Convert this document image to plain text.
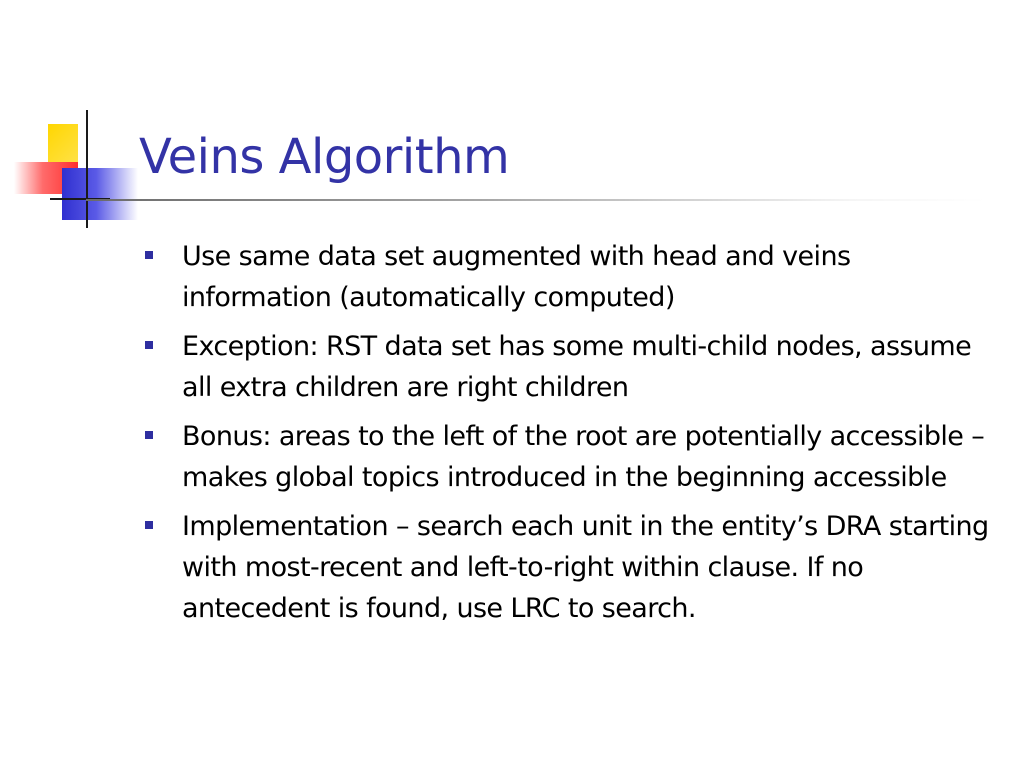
Veins Algorithm
Use same data set augmented with head and veins information (automatically computed)
Exception: RST data set has some multi-child nodes, assume all extra children are right children
Bonus: areas to the left of the root are potentially accessible – makes global topics introduced in the beginning accessible
Implementation – search each unit in the entity’s DRA starting with most-recent and left-to-right within clause. If no antecedent is found, use LRC to search.
